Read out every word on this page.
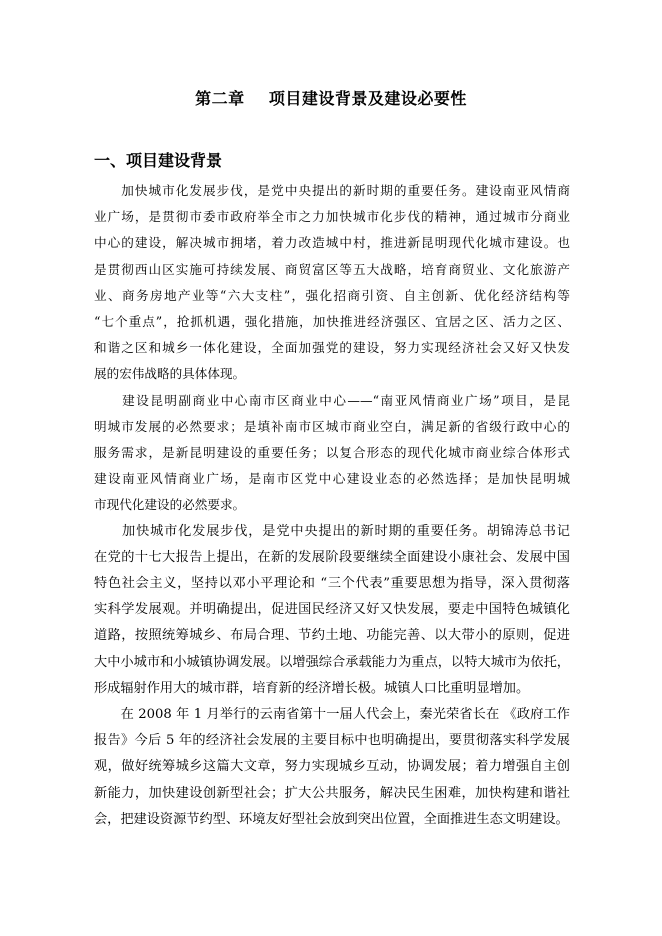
第二章    项目建设背景及建设必要性
一、项目建设背景

　　加快城市化发展步伐，是党中央提出的新时期的重要任务。建设南亚风情商
业广场，是贯彻市委市政府举全市之力加快城市化步伐的精神，通过城市分商业
中心的建设，解决城市拥堵，着力改造城中村，推进新昆明现代化城市建设。也
是贯彻西山区实施可持续发展、商贸富区等五大战略，培育商贸业、文化旅游产
业、商务房地产业等“六大支柱”，强化招商引资、自主创新、优化经济结构等
“七个重点”，抢抓机遇，强化措施，加快推进经济强区、宜居之区、活力之区、
和谐之区和城乡一体化建设，全面加强党的建设，努力实现经济社会又好又快发
展的宏伟战略的具体体现。

　　建设昆明副商业中心南市区商业中心——“南亚风情商业广场”项目，是昆
明城市发展的必然要求；是填补南市区城市商业空白，满足新的省级行政中心的
服务需求，是新昆明建设的重要任务；以复合形态的现代化城市商业综合体形式
建设南亚风情商业广场，是南市区党中心建设业态的必然选择；是加快昆明城
市现代化建设的必然要求。

　　加快城市化发展步伐，是党中央提出的新时期的重要任务。胡锦涛总书记
在党的十七大报告上提出，在新的发展阶段要继续全面建设小康社会、发展中国
特色社会主义，坚持以邓小平理论和 “三个代表”重要思想为指导，深入贯彻落
实科学发展观。并明确提出，促进国民经济又好又快发展，要走中国特色城镇化
道路，按照统筹城乡、布局合理、节约土地、功能完善、以大带小的原则，促进
大中小城市和小城镇协调发展。以增强综合承载能力为重点，以特大城市为依托，
形成辐射作用大的城市群，培育新的经济增长极。城镇人口比重明显增加。

　　在 2008 年 1 月举行的云南省第十一届人代会上，秦光荣省长在 《政府工作
报告》今后 5 年的经济社会发展的主要目标中也明确提出，要贯彻落实科学发展
观，做好统筹城乡这篇大文章，努力实现城乡互动，协调发展；着力增强自主创
新能力，加快建设创新型社会；扩大公共服务，解决民生困难，加快构建和谐社
会，把建设资源节约型、环境友好型社会放到突出位置，全面推进生态文明建设。
